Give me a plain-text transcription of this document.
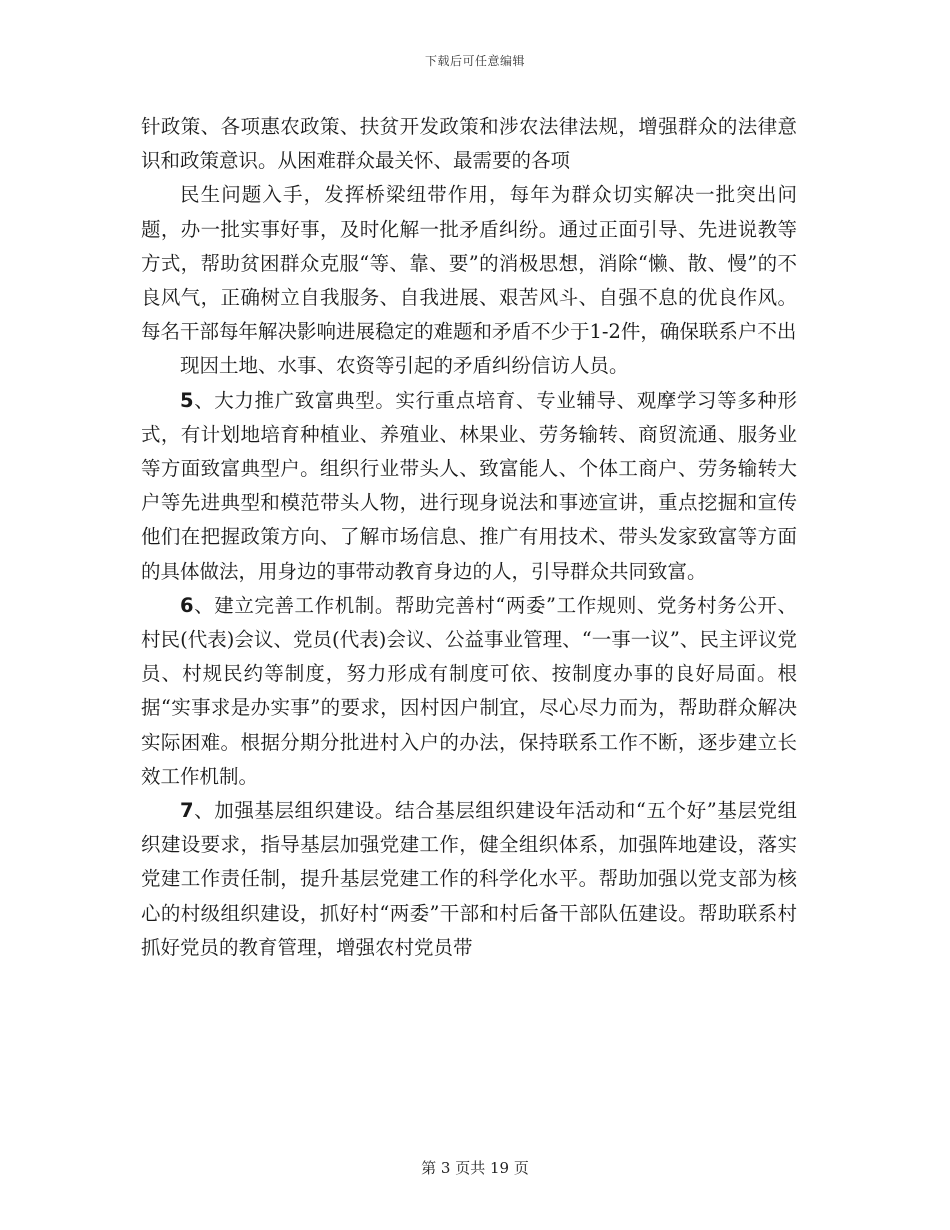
下载后可任意编辑

针政策、各项惠农政策、扶贫开发政策和涉农法律法规，增强群众的法律意识和政策意识。从困难群众最关怀、最需要的各项

民生问题入手，发挥桥梁纽带作用，每年为群众切实解决一批突出问题，办一批实事好事，及时化解一批矛盾纠纷。通过正面引导、先进说教等方式，帮助贫困群众克服“等、靠、要”的消极思想，消除“懒、散、慢”的不良风气，正确树立自我服务、自我进展、艰苦风斗、自强不息的优良作风。每名干部每年解决影响进展稳定的难题和矛盾不少于1-2件，确保联系户不出

现因土地、水事、农资等引起的矛盾纠纷信访人员。

5、大力推广致富典型。实行重点培育、专业辅导、观摩学习等多种形式，有计划地培育种植业、养殖业、林果业、劳务输转、商贸流通、服务业等方面致富典型户。组织行业带头人、致富能人、个体工商户、劳务输转大户等先进典型和模范带头人物，进行现身说法和事迹宣讲，重点挖掘和宣传他们在把握政策方向、了解市场信息、推广有用技术、带头发家致富等方面的具体做法，用身边的事带动教育身边的人，引导群众共同致富。

6、建立完善工作机制。帮助完善村“两委”工作规则、党务村务公开、村民(代表)会议、党员(代表)会议、公益事业管理、“一事一议”、民主评议党员、村规民约等制度，努力形成有制度可依、按制度办事的良好局面。根据“实事求是办实事”的要求，因村因户制宜，尽心尽力而为，帮助群众解决实际困难。根据分期分批进村入户的办法，保持联系工作不断，逐步建立长效工作机制。

7、加强基层组织建设。结合基层组织建设年活动和“五个好”基层党组织建设要求，指导基层加强党建工作，健全组织体系，加强阵地建设，落实党建工作责任制，提升基层党建工作的科学化水平。帮助加强以党支部为核心的村级组织建设，抓好村“两委”干部和村后备干部队伍建设。帮助联系村抓好党员的教育管理，增强农村党员带

第 3 页共 19 页
